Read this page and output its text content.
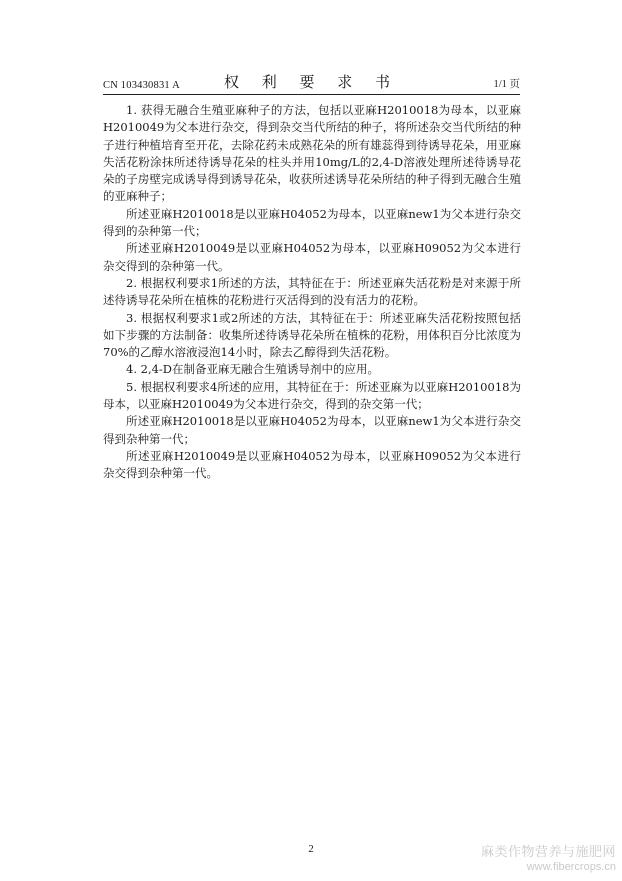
CN 103430831 A	权 利 要 求 书	1/1 页

1. 获得无融合生殖亚麻种子的方法，包括以亚麻H2010018为母本，以亚麻H2010049为父本进行杂交，得到杂交当代所结的种子，将所述杂交当代所结的种子进行种植培育至开花，去除花药未成熟花朵的所有雄蕊得到待诱导花朵，用亚麻失活花粉涂抹所述待诱导花朵的柱头并用10mg/L的2,4-D溶液处理所述待诱导花朵的子房壁完成诱导得到诱导花朵，收获所述诱导花朵所结的种子得到无融合生殖的亚麻种子；

所述亚麻H2010018是以亚麻H04052为母本，以亚麻new1为父本进行杂交得到的杂种第一代；

所述亚麻H2010049是以亚麻H04052为母本，以亚麻H09052为父本进行杂交得到的杂种第一代。

2. 根据权利要求1所述的方法，其特征在于：所述亚麻失活花粉是对来源于所述待诱导花朵所在植株的花粉进行灭活得到的没有活力的花粉。

3. 根据权利要求1或2所述的方法，其特征在于：所述亚麻失活花粉按照包括如下步骤的方法制备：收集所述待诱导花朵所在植株的花粉，用体积百分比浓度为70%的乙醇水溶液浸泡14小时，除去乙醇得到失活花粉。

4. 2,4-D在制备亚麻无融合生殖诱导剂中的应用。

5. 根据权利要求4所述的应用，其特征在于：所述亚麻为以亚麻H2010018为母本，以亚麻H2010049为父本进行杂交，得到的杂交第一代；

所述亚麻H2010018是以亚麻H04052为母本，以亚麻new1为父本进行杂交得到杂种第一代；

所述亚麻H2010049是以亚麻H04052为母本，以亚麻H09052为父本进行杂交得到杂种第一代。

2	麻类作物营养与施肥网
www.fibercrops.cn
